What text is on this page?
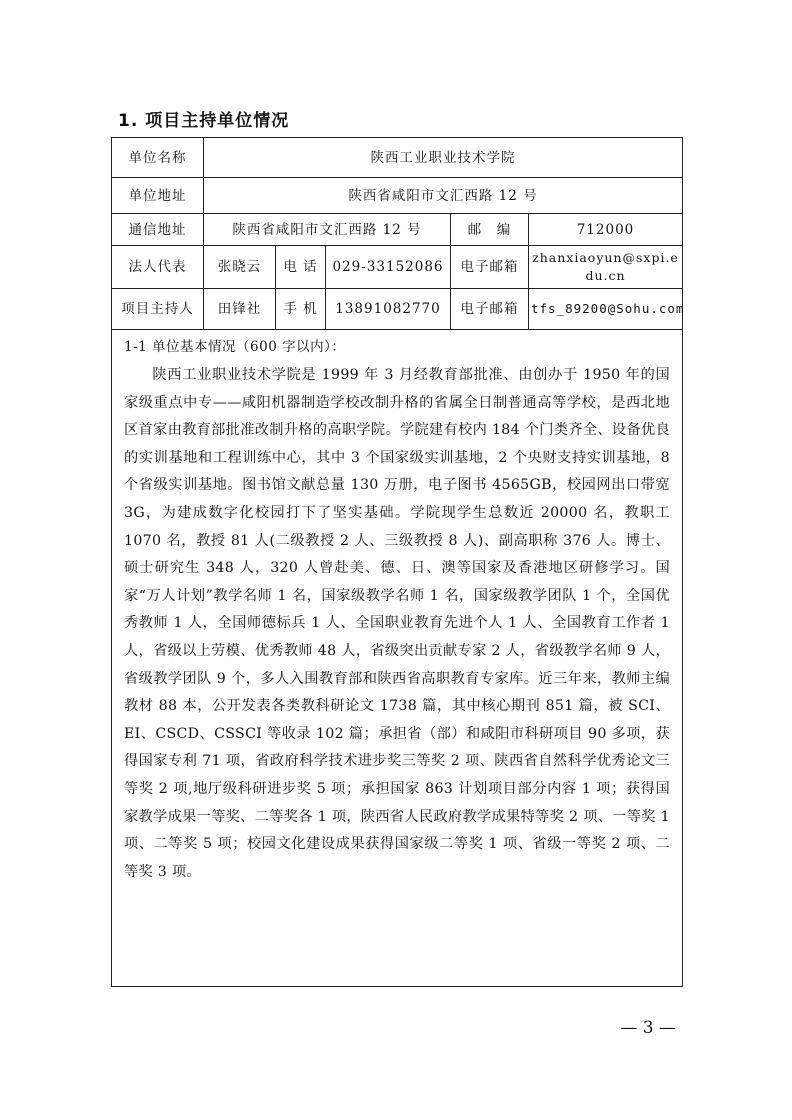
1. 项目主持单位情况
单位名称	陕西工业职业技术学院				
单位地址	陕西省咸阳市文汇西路 12 号				
通信地址	陕西省咸阳市文汇西路 12 号			邮　编	712000
法人代表	张晓云	电 话	029-33152086	电子邮箱	zhanxiaoyun@sxpi.edu.cn
项目主持人	田锋社	手 机	13891082770	电子邮箱	tfs_89200@Sohu.com

1-1 单位基本情况（600 字以内）：
陕西工业职业技术学院是 1999 年 3 月经教育部批准、由创办于 1950 年的国家级重点中专——咸阳机器制造学校改制升格的省属全日制普通高等学校，是西北地区首家由教育部批准改制升格的高职学院。学院建有校内 184 个门类齐全、设备优良的实训基地和工程训练中心，其中 3 个国家级实训基地，2 个央财支持实训基地，8 个省级实训基地。图书馆文献总量 130 万册，电子图书 4565GB，校园网出口带宽 3G，为建成数字化校园打下了坚实基础。学院现学生总数近 20000 名，教职工 1070 名，教授 81 人(二级教授 2 人、三级教授 8 人)、副高职称 376 人。博士、硕士研究生 348 人，320 人曾赴美、德、日、澳等国家及香港地区研修学习。国家“万人计划”教学名师 1 名，国家级教学名师 1 名，国家级教学团队 1 个，全国优秀教师 1 人，全国师德标兵 1 人、全国职业教育先进个人 1 人、全国教育工作者 1 人，省级以上劳模、优秀教师 48 人，省级突出贡献专家 2 人，省级教学名师 9 人，省级教学团队 9 个，多人入围教育部和陕西省高职教育专家库。近三年来，教师主编教材 88 本，公开发表各类教科研论文 1738 篇，其中核心期刊 851 篇，被 SCI、EI、CSCD、CSSCI 等收录 102 篇；承担省（部）和咸阳市科研项目 90 多项，获得国家专利 71 项，省政府科学技术进步奖三等奖 2 项、陕西省自然科学优秀论文三等奖 2 项,地厅级科研进步奖 5 项；承担国家 863 计划项目部分内容 1 项；获得国家教学成果一等奖、二等奖各 1 项，陕西省人民政府教学成果特等奖 2 项、一等奖 1 项、二等奖 5 项；校园文化建设成果获得国家级二等奖 1 项、省级一等奖 2 项、二等奖 3 项。					
— 3 —
